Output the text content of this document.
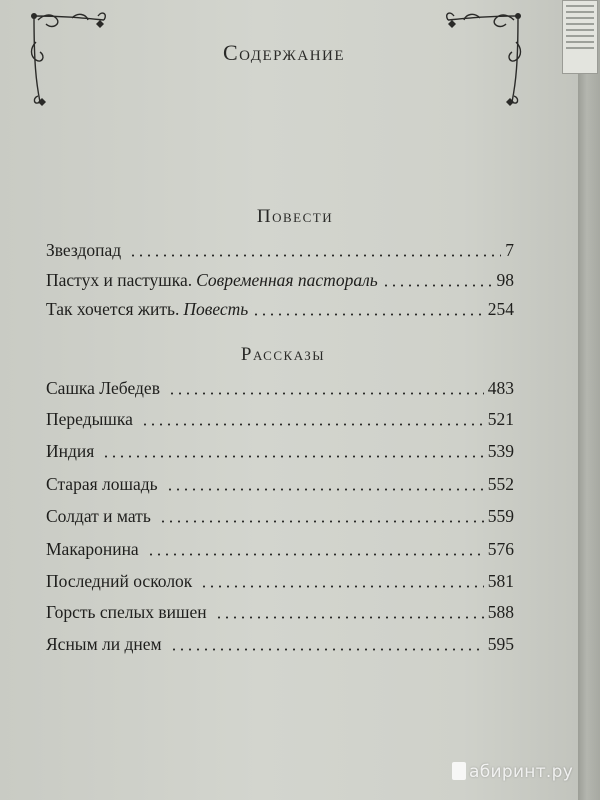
Содержание
Повести
Звездопад	7
Пастух и пастушка. Современная пастораль	98
Так хочется жить. Повесть	254
Рассказы
Сашка Лебедев	483
Передышка	521
Индия	539
Старая лошадь	552
Солдат и мать	559
Макаронина	576
Последний осколок	581
Горсть спелых вишен	588
Ясным ли днем	595
абиринт.ру
